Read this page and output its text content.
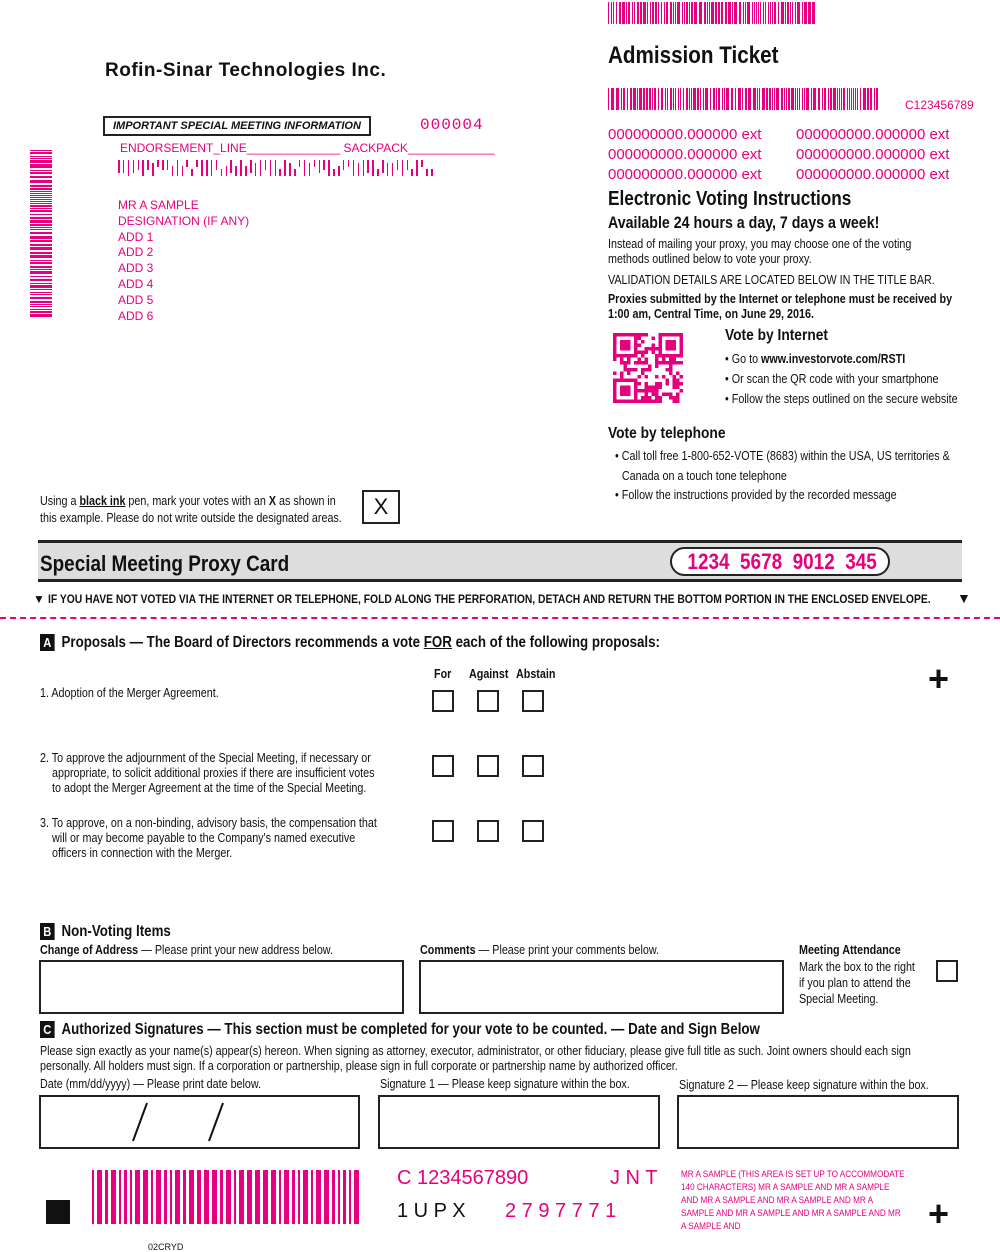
Rofin-Sinar Technologies Inc.
IMPORTANT SPECIAL MEETING INFORMATION	000004
ENDORSEMENT_LINE______________ SACKPACK_____________
MR A SAMPLE
DESIGNATION (IF ANY)
ADD 1
ADD 2
ADD 3
ADD 4
ADD 5
ADD 6
Admission Ticket
C123456789
000000000.000000 ext	000000000.000000 ext
000000000.000000 ext	000000000.000000 ext
000000000.000000 ext	000000000.000000 ext
Electronic Voting Instructions
Available 24 hours a day, 7 days a week!
Instead of mailing your proxy, you may choose one of the voting methods outlined below to vote your proxy.
VALIDATION DETAILS ARE LOCATED BELOW IN THE TITLE BAR.
Proxies submitted by the Internet or telephone must be received by 1:00 am, Central Time, on June 29, 2016.
Vote by Internet
• Go to www.investorvote.com/RSTI
• Or scan the QR code with your smartphone
• Follow the steps outlined on the secure website
Vote by telephone
• Call toll free 1-800-652-VOTE (8683) within the USA, US territories &
Canada on a touch tone telephone
• Follow the instructions provided by the recorded message
Using a black ink pen, mark your votes with an X as shown in this example. Please do not write outside the designated areas.	X
Special Meeting Proxy Card	1234  5678  9012  345
▼ IF YOU HAVE NOT VOTED VIA THE INTERNET OR TELEPHONE, FOLD ALONG THE PERFORATION, DETACH AND RETURN THE BOTTOM PORTION IN THE ENCLOSED ENVELOPE.	▼
A Proposals — The Board of Directors recommends a vote FOR each of the following proposals:
For Against Abstain	+
1. Adoption of the Merger Agreement.
2. To approve the adjournment of the Special Meeting, if necessary or appropriate, to solicit additional proxies if there are insufficient votes to adopt the Merger Agreement at the time of the Special Meeting.
3. To approve, on a non-binding, advisory basis, the compensation that will or may become payable to the Company's named executive officers in connection with the Merger.
B Non-Voting Items
Change of Address — Please print your new address below.	Comments — Please print your comments below.	Meeting Attendance
Mark the box to the right if you plan to attend the Special Meeting.
C Authorized Signatures — This section must be completed for your vote to be counted. — Date and Sign Below
Please sign exactly as your name(s) appear(s) hereon. When signing as attorney, executor, administrator, or other fiduciary, please give full title as such. Joint owners should each sign personally. All holders must sign. If a corporation or partnership, please sign in full corporate or partnership name by authorized officer.
Date (mm/dd/yyyy) — Please print date below.	Signature 1 — Please keep signature within the box.	Signature 2 — Please keep signature within the box.
02CRYD
C 1234567890	J N T
1 U P X 2 7 9 7 7 7 1
MR A SAMPLE (THIS AREA IS SET UP TO ACCOMMODATE 140 CHARACTERS) MR A SAMPLE AND MR A SAMPLE AND MR A SAMPLE AND MR A SAMPLE AND MR A SAMPLE AND MR A SAMPLE AND MR A SAMPLE AND MR A SAMPLE AND	+
